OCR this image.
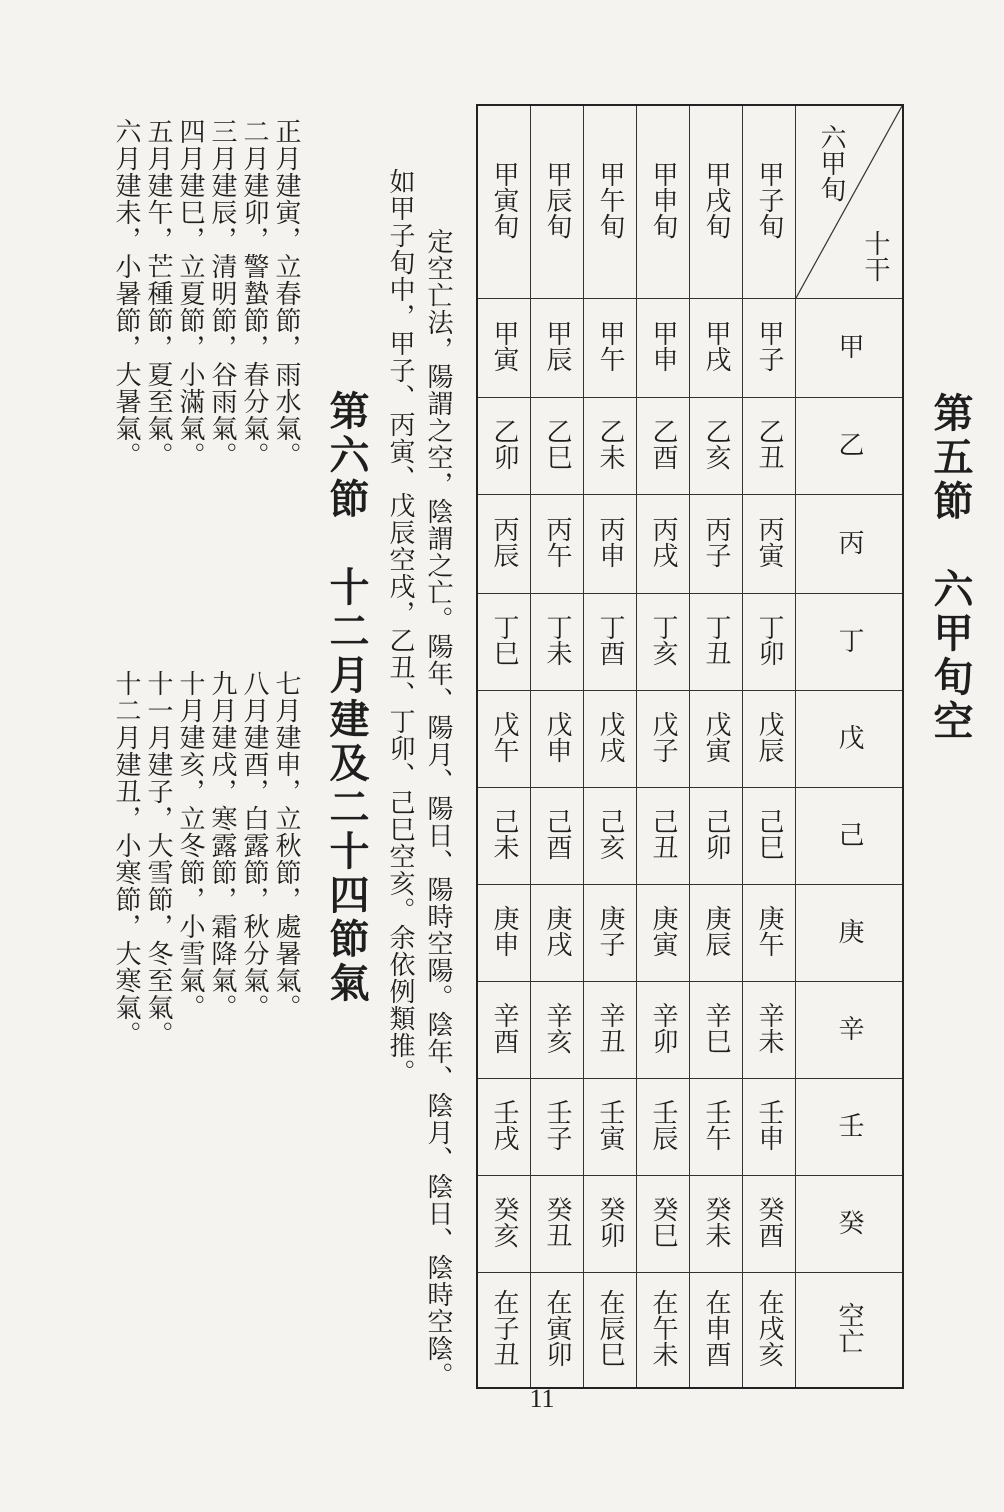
第五節　六甲旬空
甲寅旬	甲辰旬	甲午旬	甲申旬	甲戌旬	甲子旬	十干
六甲旬

甲寅	甲辰	甲午	甲申	甲戌	甲子	甲
乙卯	乙巳	乙未	乙酉	乙亥	乙丑	乙
丙辰	丙午	丙申	丙戌	丙子	丙寅	丙
丁巳	丁未	丁酉	丁亥	丁丑	丁卯	丁
戊午	戊申	戊戌	戊子	戊寅	戊辰	戊
己未	己酉	己亥	己丑	己卯	己巳	己
庚申	庚戌	庚子	庚寅	庚辰	庚午	庚
辛酉	辛亥	辛丑	辛卯	辛巳	辛未	辛
壬戌	壬子	壬寅	壬辰	壬午	壬申	壬
癸亥	癸丑	癸卯	癸巳	癸未	癸酉	癸
在子丑	在寅卯	在辰巳	在午未	在申酉	在戌亥	空亡

定空亡法，陽謂之空，陰謂之亡。陽年、陽月、陽日、陽時空陽。陰年、陰月、陰日、陰時空陰。

如甲子旬中，甲子、丙寅、戊辰空戌，乙丑、丁卯、己巳空亥。余依例類推。

第六節　十二月建及二十四節氣

正月建寅，立春節，雨水氣。

二月建卯，警蟄節，春分氣。

三月建辰，清明節，谷雨氣。

四月建巳，立夏節，小滿氣。

五月建午，芒種節，夏至氣。

六月建未，小暑節，大暑氣。

七月建申，立秋節，處暑氣。

八月建酉，白露節，秋分氣。

九月建戌，寒露節，霜降氣。

十月建亥，立冬節，小雪氣。

十一月建子，大雪節，冬至氣。

十二月建丑，小寒節，大寒氣。

11
